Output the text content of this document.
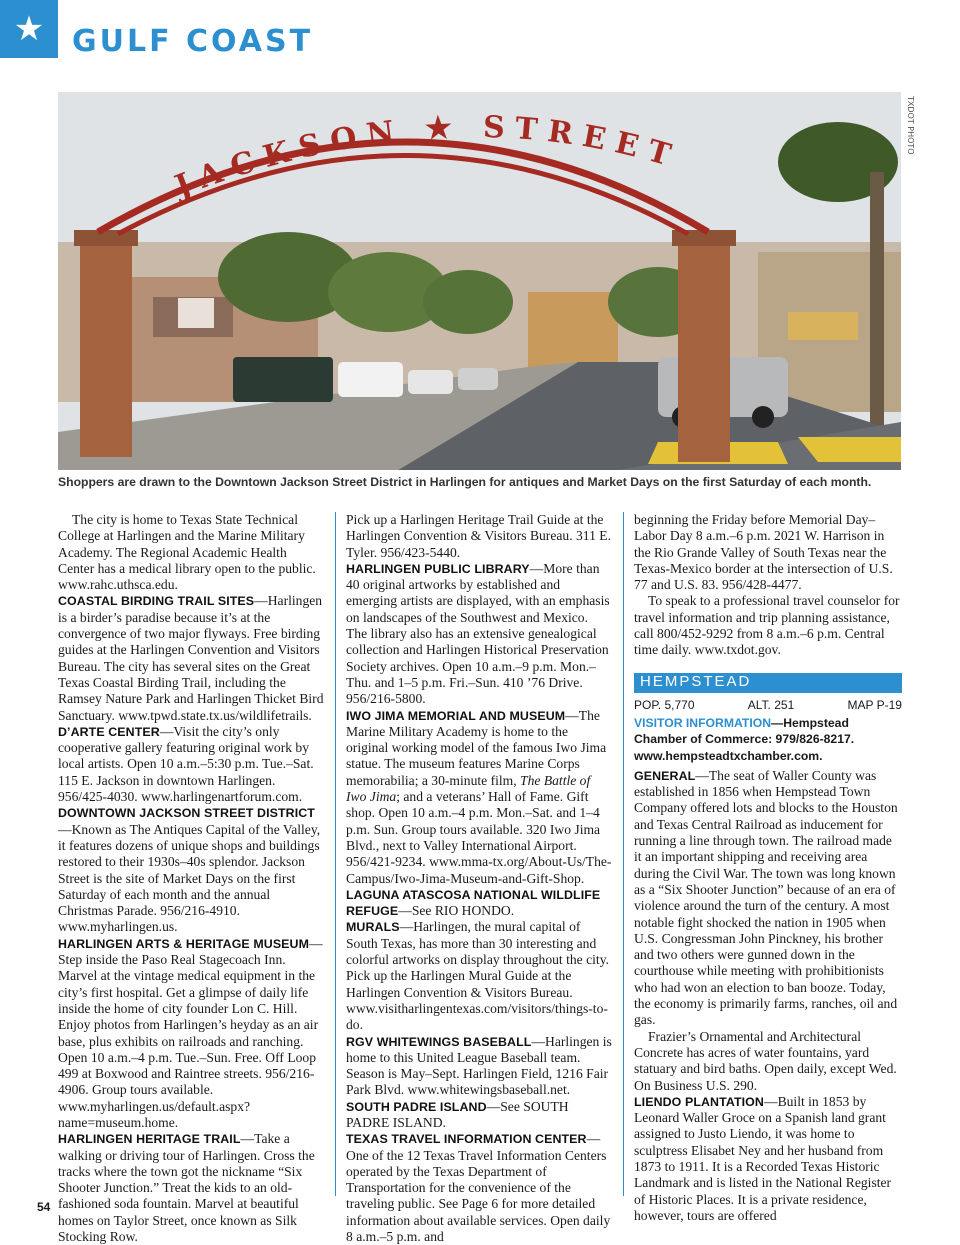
★ GULF COAST
JACKSON ★ STREET
TXDOT PHOTO
Shoppers are drawn to the Downtown Jackson Street District in Harlingen for antiques and Market Days on the first Saturday of each month.

The city is home to Texas State Technical College at Harlingen and the Marine Military Academy. The Regional Academic Health Center has a medical library open to the public. www.rahc.uthsca.edu.

COASTAL BIRDING TRAIL SITES—Harlingen is a birder’s paradise because it’s at the convergence of two major flyways. Free birding guides at the Harlingen Convention and Visitors Bureau. The city has several sites on the Great Texas Coastal Birding Trail, including the Ramsey Nature Park and Harlingen Thicket Bird Sanctuary. www.tpwd.state.tx.us/wildlifetrails.

D’ARTE CENTER—Visit the city’s only cooperative gallery featuring original work by local artists. Open 10 a.m.–5:30 p.m. Tue.–Sat. 115 E. Jackson in downtown Harlingen. 956/425-4030. www.harlingenartforum.com.

DOWNTOWN JACKSON STREET DISTRICT—Known as The Antiques Capital of the Valley, it features dozens of unique shops and buildings restored to their 1930s–40s splendor. Jackson Street is the site of Market Days on the first Saturday of each month and the annual Christmas Parade. 956/216-4910. www.myharlingen.us.

HARLINGEN ARTS & HERITAGE MUSEUM—Step inside the Paso Real Stagecoach Inn. Marvel at the vintage medical equipment in the city’s first hospital. Get a glimpse of daily life inside the home of city founder Lon C. Hill. Enjoy photos from Harlingen’s heyday as an air base, plus exhibits on railroads and ranching. Open 10 a.m.–4 p.m. Tue.–Sun. Free. Off Loop 499 at Boxwood and Raintree streets. 956/216-4906. Group tours available. www.myharlingen.us/default.aspx?name=museum.home.

HARLINGEN HERITAGE TRAIL—Take a walking or driving tour of Harlingen. Cross the tracks where the town got the nickname “Six Shooter Junction.” Treat the kids to an old-fashioned soda fountain. Marvel at beautiful homes on Taylor Street, once known as Silk Stocking Row.

Pick up a Harlingen Heritage Trail Guide at the Harlingen Convention & Visitors Bureau. 311 E. Tyler. 956/423-5440.

HARLINGEN PUBLIC LIBRARY—More than 40 original artworks by established and emerging artists are displayed, with an emphasis on landscapes of the Southwest and Mexico. The library also has an extensive genealogical collection and Harlingen Historical Preservation Society archives. Open 10 a.m.–9 p.m. Mon.–Thu. and 1–5 p.m. Fri.–Sun. 410 ’76 Drive. 956/216-5800.

IWO JIMA MEMORIAL AND MUSEUM—The Marine Military Academy is home to the original working model of the famous Iwo Jima statue. The museum features Marine Corps memorabilia; a 30-minute film, The Battle of Iwo Jima; and a veterans’ Hall of Fame. Gift shop. Open 10 a.m.–4 p.m. Mon.–Sat. and 1–4 p.m. Sun. Group tours available. 320 Iwo Jima Blvd., next to Valley International Airport. 956/421-9234. www.mma-tx.org/About-Us/The-Campus/Iwo-Jima-Museum-and-Gift-Shop.

LAGUNA ATASCOSA NATIONAL WILDLIFE REFUGE—See RIO HONDO.

MURALS—Harlingen, the mural capital of South Texas, has more than 30 interesting and colorful artworks on display throughout the city. Pick up the Harlingen Mural Guide at the Harlingen Convention & Visitors Bureau. www.visitharlingentexas.com/visitors/things-to-do.

RGV WHITEWINGS BASEBALL—Harlingen is home to this United League Baseball team. Season is May–Sept. Harlingen Field, 1216 Fair Park Blvd. www.whitewingsbaseball.net.

SOUTH PADRE ISLAND—See SOUTH PADRE ISLAND.

TEXAS TRAVEL INFORMATION CENTER—One of the 12 Texas Travel Information Centers operated by the Texas Department of Transportation for the convenience of the traveling public. See Page 6 for more detailed information about available services. Open daily 8 a.m.–5 p.m. and

beginning the Friday before Memorial Day–Labor Day 8 a.m.–6 p.m. 2021 W. Harrison in the Rio Grande Valley of South Texas near the Texas-Mexico border at the intersection of U.S. 77 and U.S. 83. 956/428-4477.

To speak to a professional travel counselor for travel information and trip planning assistance, call 800/452-9292 from 8 a.m.–6 p.m. Central time daily. www.txdot.gov.

HEMPSTEAD
POP. 5,770	ALT. 251	MAP P-19

VISITOR INFORMATION—Hempstead Chamber of Commerce: 979/826-8217. www.hempsteadtxchamber.com.

GENERAL—The seat of Waller County was established in 1856 when Hempstead Town Company offered lots and blocks to the Houston and Texas Central Railroad as inducement for running a line through town. The railroad made it an important shipping and receiving area during the Civil War. The town was long known as a “Six Shooter Junction” because of an era of violence around the turn of the century. A most notable fight shocked the nation in 1905 when U.S. Congressman John Pinckney, his brother and two others were gunned down in the courthouse while meeting with prohibitionists who had won an election to ban booze. Today, the economy is primarily farms, ranches, oil and gas.

Frazier’s Ornamental and Architectural Concrete has acres of water fountains, yard statuary and bird baths. Open daily, except Wed. On Business U.S. 290.

LIENDO PLANTATION—Built in 1853 by Leonard Waller Groce on a Spanish land grant assigned to Justo Liendo, it was home to sculptress Elisabet Ney and her husband from 1873 to 1911. It is a Recorded Texas Historic Landmark and is listed in the National Register of Historic Places. It is a private residence, however, tours are offered

54
